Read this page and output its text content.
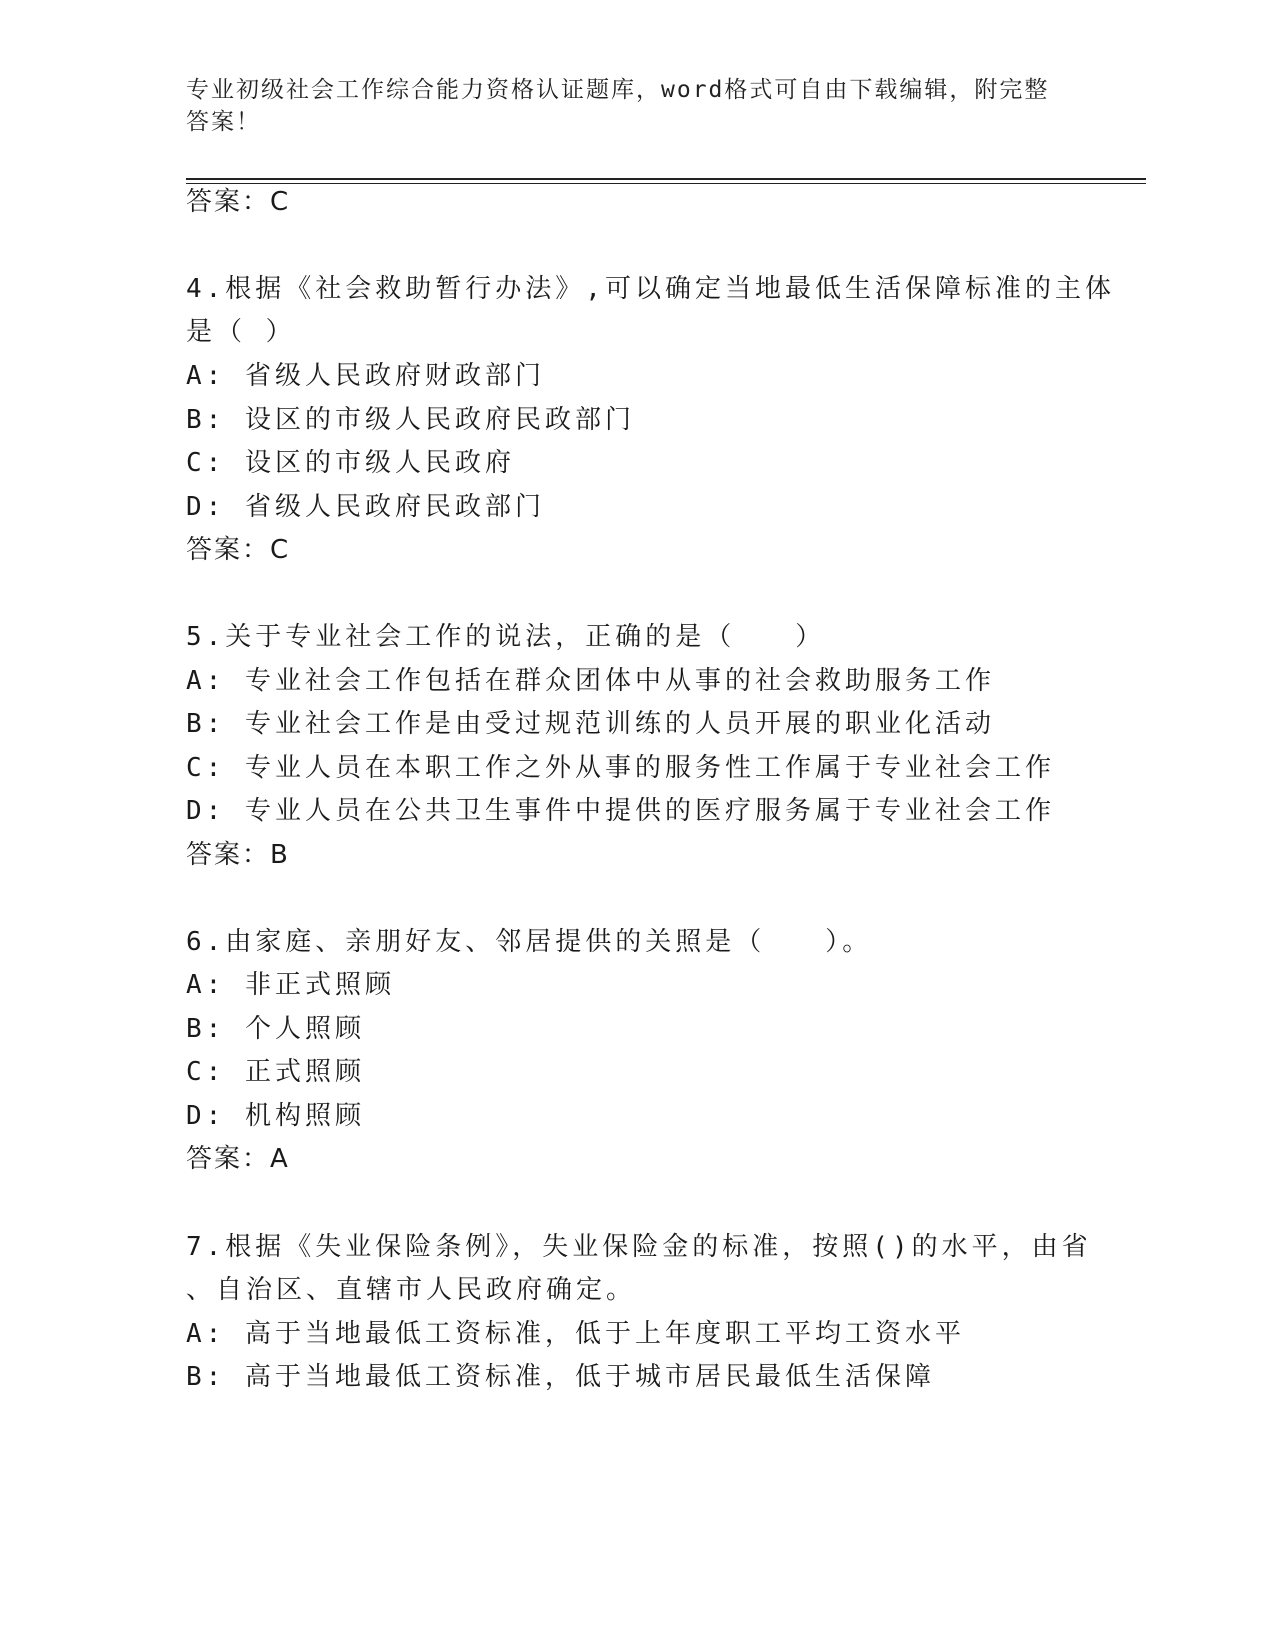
专业初级社会工作综合能力资格认证题库，word格式可自由下载编辑，附完整答案！
答案：C
4.根据《社会救助暂行办法》,可以确定当地最低生活保障标准的主体
是（ ）
A: 省级人民政府财政部门
B: 设区的市级人民政府民政部门
C: 设区的市级人民政府
D: 省级人民政府民政部门
答案：C
5.关于专业社会工作的说法，正确的是（　　）
A: 专业社会工作包括在群众团体中从事的社会救助服务工作
B: 专业社会工作是由受过规范训练的人员开展的职业化活动
C: 专业人员在本职工作之外从事的服务性工作属于专业社会工作
D: 专业人员在公共卫生事件中提供的医疗服务属于专业社会工作
答案：B
6.由家庭、亲朋好友、邻居提供的关照是（　　）。
A: 非正式照顾
B: 个人照顾
C: 正式照顾
D: 机构照顾
答案：A
7.根据《失业保险条例》，失业保险金的标准，按照()的水平，由省
、自治区、直辖市人民政府确定。
A: 高于当地最低工资标准，低于上年度职工平均工资水平
B: 高于当地最低工资标准，低于城市居民最低生活保障
